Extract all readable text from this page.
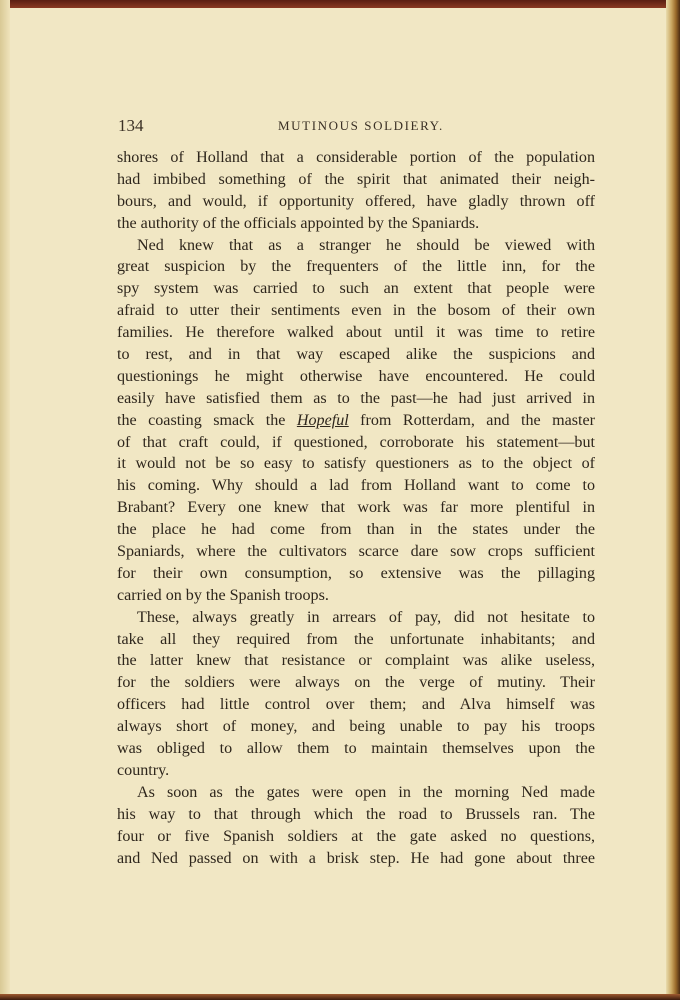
134	MUTINOUS SOLDIERY.
shores of Holland that a considerable portion of the population
had imbibed something of the spirit that animated their neigh-
bours, and would, if opportunity offered, have gladly thrown off
the authority of the officials appointed by the Spaniards.
Ned knew that as a stranger he should be viewed with
great suspicion by the frequenters of the little inn, for the
spy system was carried to such an extent that people were
afraid to utter their sentiments even in the bosom of their own
families. He therefore walked about until it was time to retire
to rest, and in that way escaped alike the suspicions and
questionings he might otherwise have encountered. He could
easily have satisfied them as to the past—he had just arrived in
the coasting smack the Hopeful from Rotterdam, and the master
of that craft could, if questioned, corroborate his statement—but
it would not be so easy to satisfy questioners as to the object of
his coming. Why should a lad from Holland want to come to
Brabant? Every one knew that work was far more plentiful in
the place he had come from than in the states under the
Spaniards, where the cultivators scarce dare sow crops sufficient
for their own consumption, so extensive was the pillaging
carried on by the Spanish troops.
These, always greatly in arrears of pay, did not hesitate to
take all they required from the unfortunate inhabitants; and
the latter knew that resistance or complaint was alike useless,
for the soldiers were always on the verge of mutiny. Their
officers had little control over them; and Alva himself was
always short of money, and being unable to pay his troops
was obliged to allow them to maintain themselves upon the
country.
As soon as the gates were open in the morning Ned made
his way to that through which the road to Brussels ran. The
four or five Spanish soldiers at the gate asked no questions,
and Ned passed on with a brisk step. He had gone about three
